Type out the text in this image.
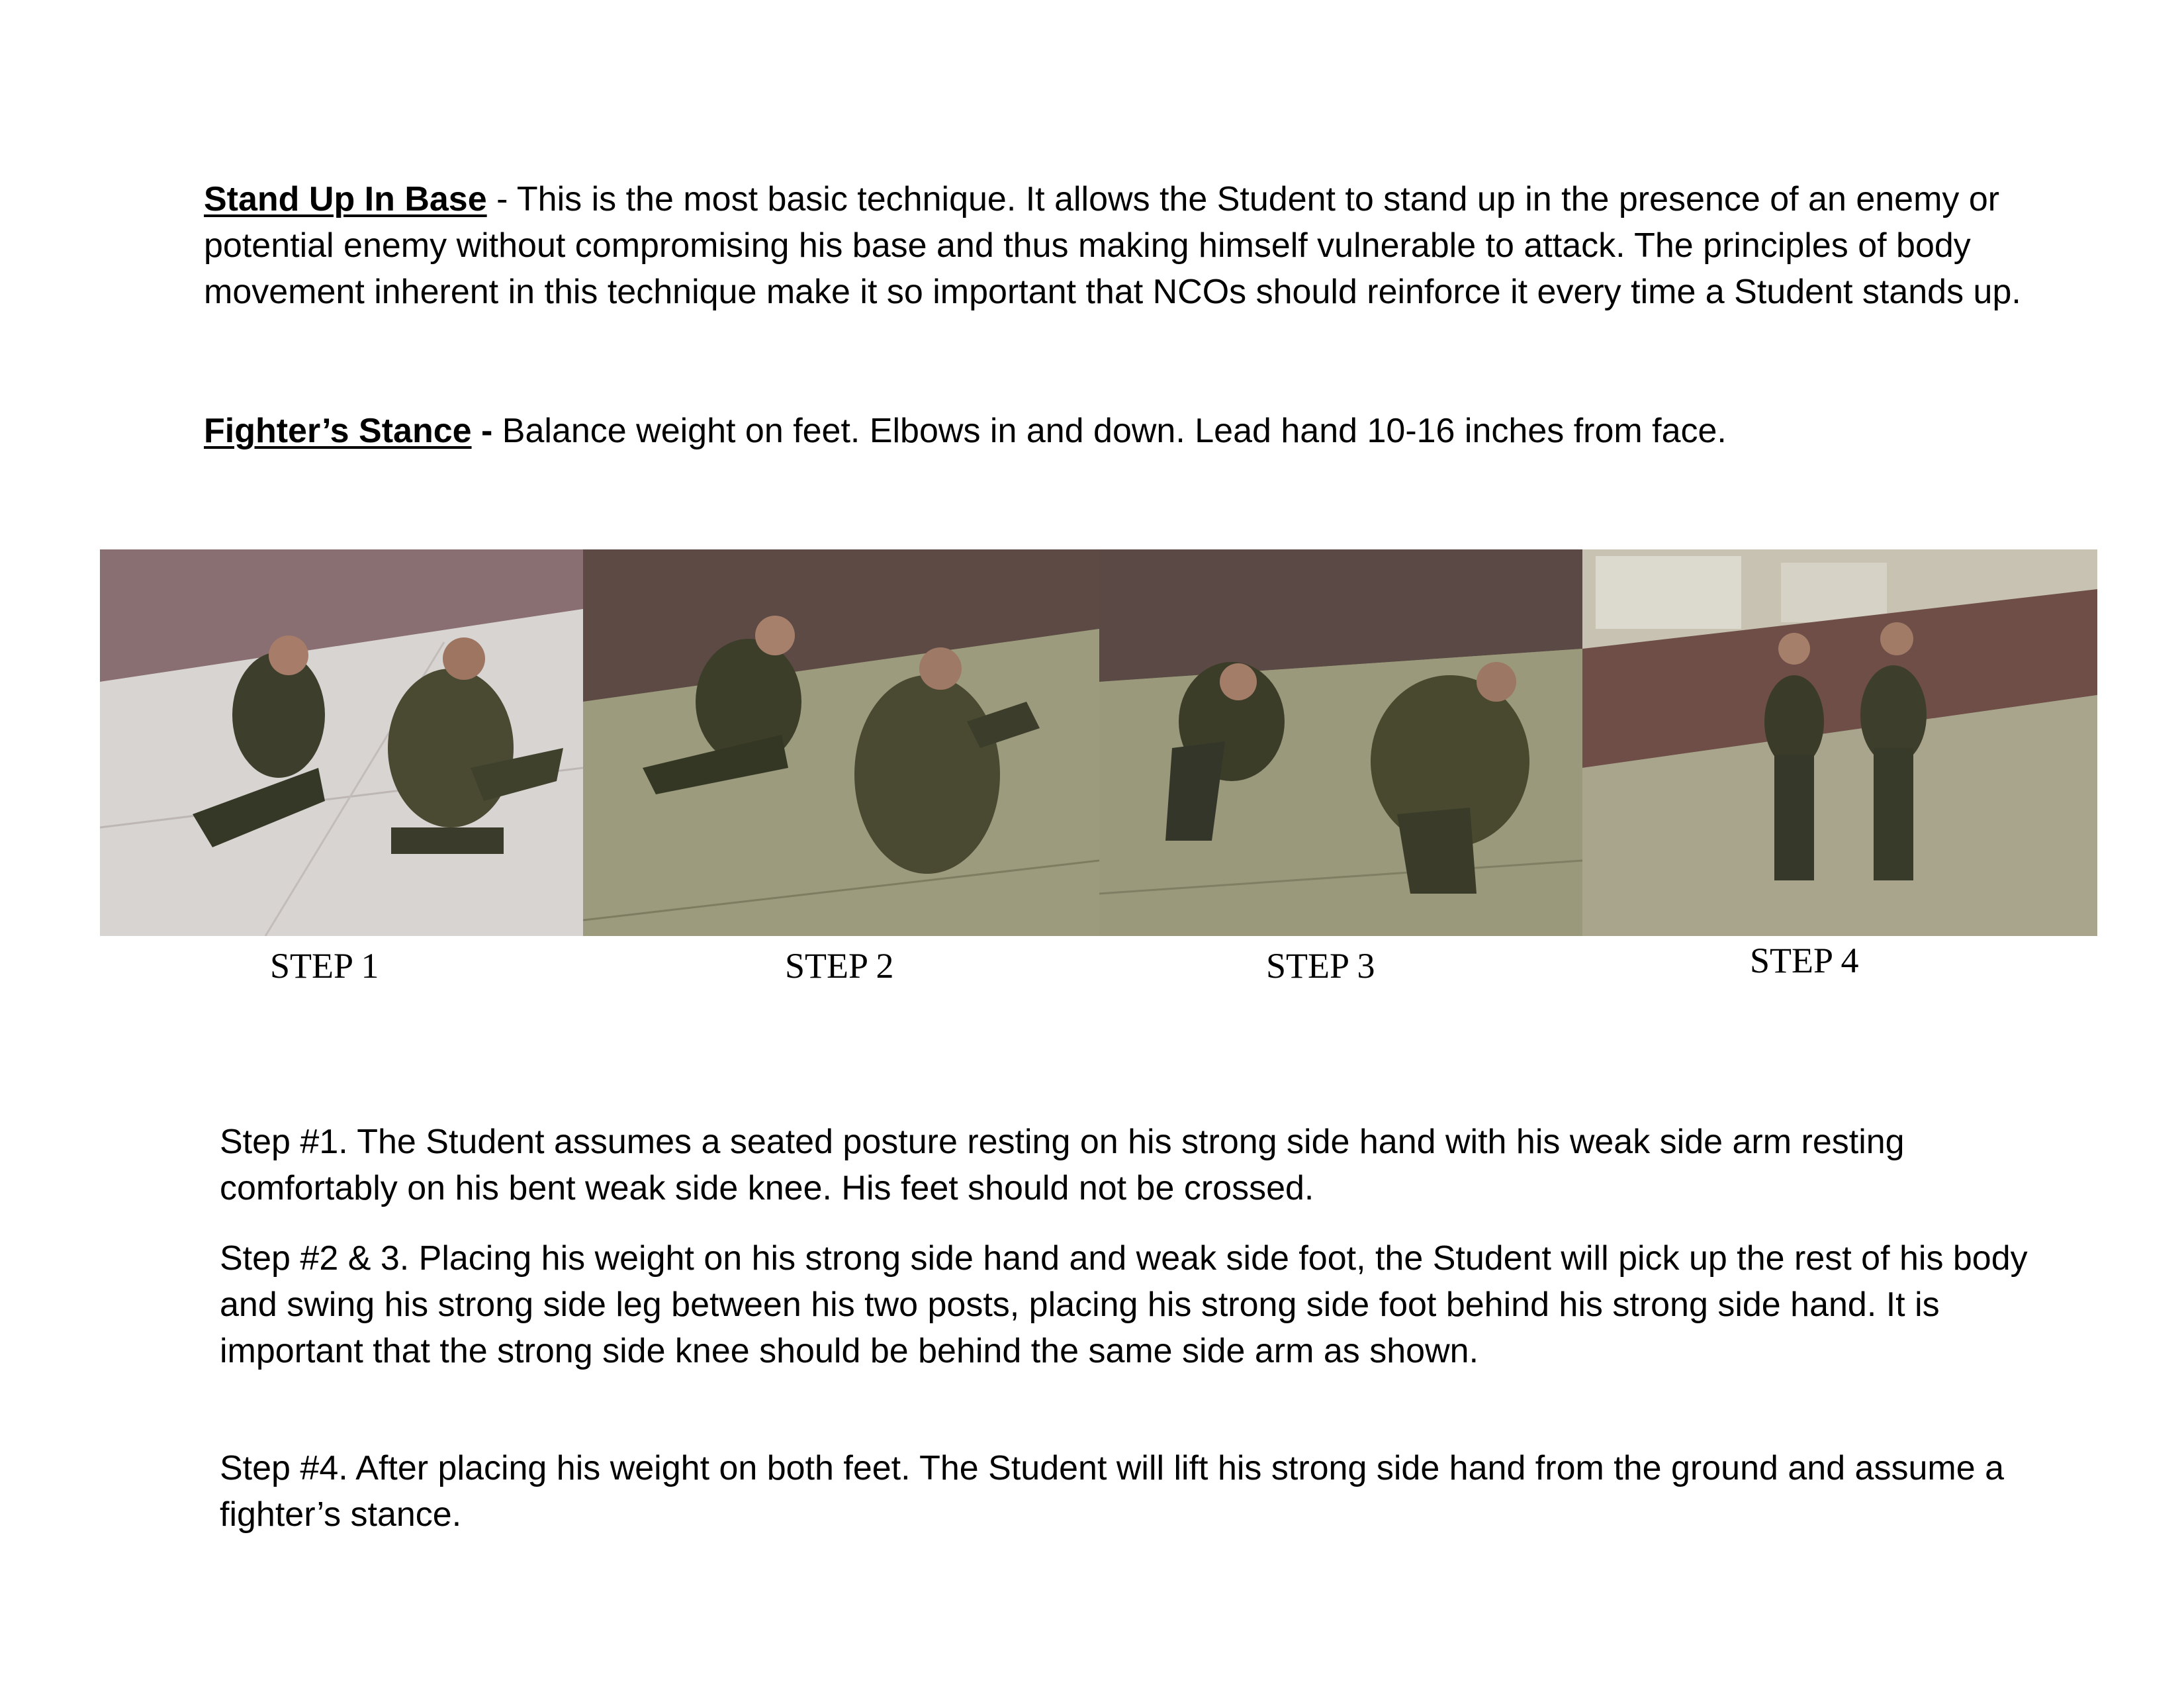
Stand Up In Base - This is the most basic technique. It allows the Student to stand up in the presence of an enemy or potential enemy without compromising his base and thus making himself vulnerable to attack. The principles of body movement inherent in this technique make it so important that NCOs should reinforce it every time a Student stands up.

Fighter’s Stance - Balance weight on feet. Elbows in and down. Lead hand 10-16 inches from face.

STEP 1	STEP 2	STEP 3	STEP 4

Step #1. The Student assumes a seated posture resting on his strong side hand with his weak side arm resting comfortably on his bent weak side knee. His feet should not be crossed.

Step #2 & 3. Placing his weight on his strong side hand and weak side foot, the Student will pick up the rest of his body and swing his strong side leg between his two posts, placing his strong side foot behind his strong side hand. It is important that the strong side knee should be behind the same side arm as shown.

Step #4. After placing his weight on both feet. The Student will lift his strong side hand from the ground and assume a fighter’s stance.
